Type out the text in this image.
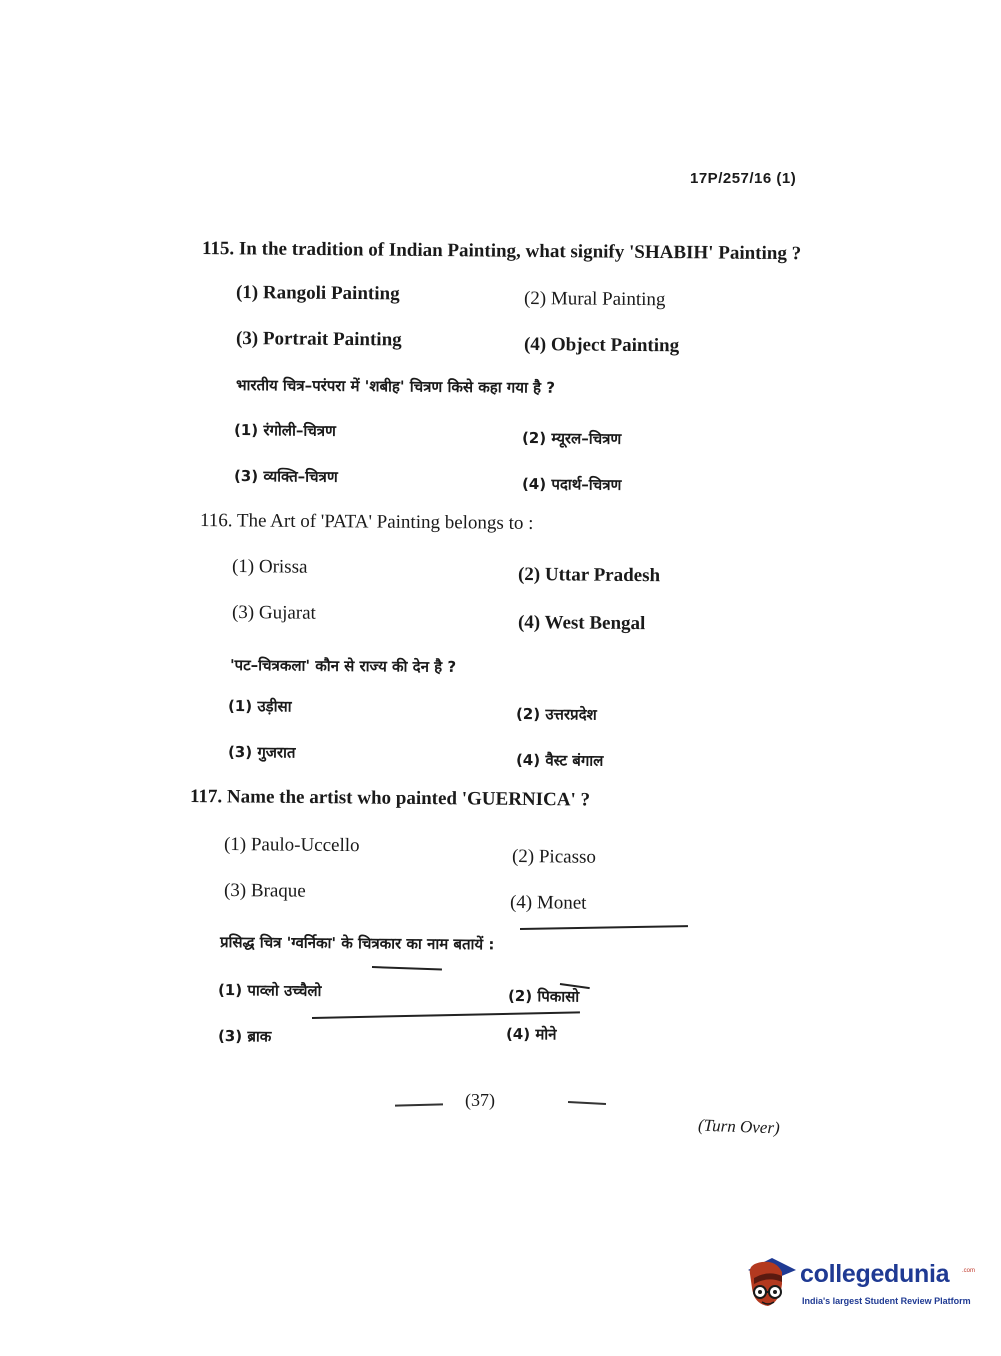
17P/257/16 (1)
115. In the tradition of Indian Painting, what signify 'SHABIH' Painting ?
(1) Rangoli Painting	(2) Mural Painting
(3) Portrait Painting	(4) Object Painting
भारतीय चित्र–परंपरा में 'शबीह' चित्रण किसे कहा गया है ?
(1) रंगोली–चित्रण	(2) म्यूरल–चित्रण
(3) व्यक्ति–चित्रण	(4) पदार्थ–चित्रण
116. The Art of 'PATA' Painting belongs to :
(1) Orissa	(2) Uttar Pradesh
(3) Gujarat	(4) West Bengal
'पट–चित्रकला' कौन से राज्य की देन है ?
(1) उड़ीसा	(2) उत्तरप्रदेश
(3) गुजरात	(4) वैस्ट बंगाल
117. Name the artist who painted 'GUERNICA' ?
(1) Paulo-Uccello
(2) Picasso
(3) Braque
(4) Monet
प्रसिद्ध चित्र 'ग्वर्निका' के चित्रकार का नाम बतायें :
(1) पाव्लो उच्चैलो	(2) पिकासो
(3) ब्राक	(4) मोने
(37)
(Turn Over)
collegedunia .com
India's largest Student Review Platform
